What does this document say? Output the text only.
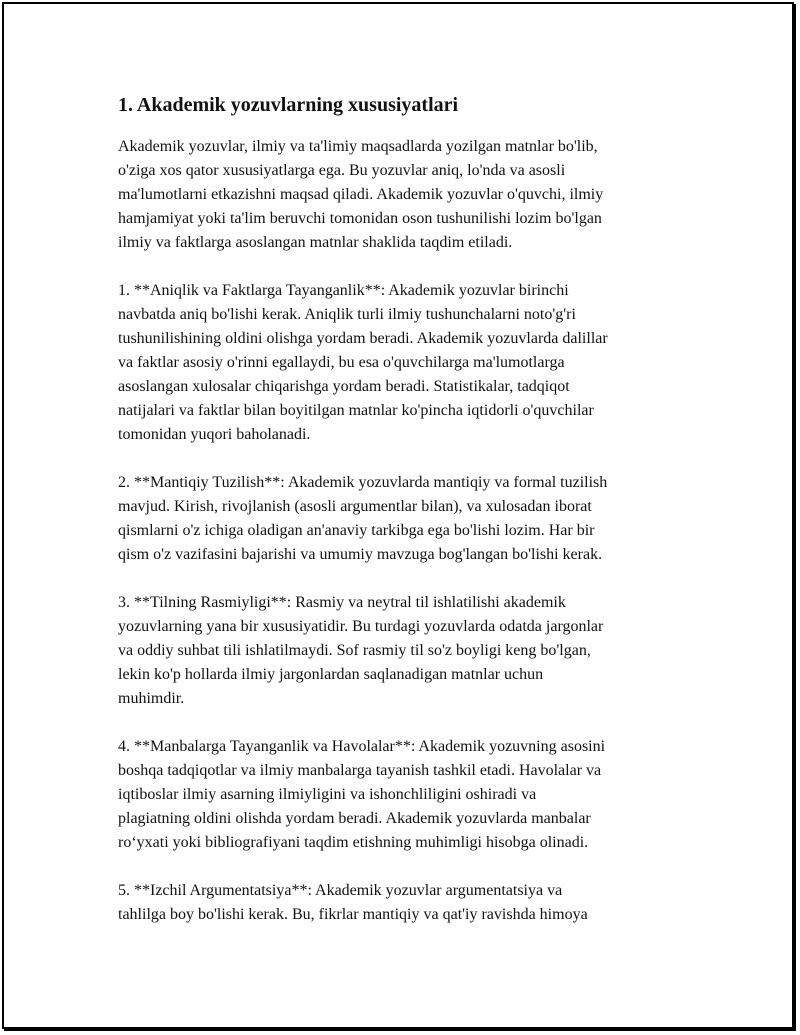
1. Akademik yozuvlarning xususiyatlari
Akademik yozuvlar, ilmiy va ta'limiy maqsadlarda yozilgan matnlar bo'lib,
o'ziga xos qator xususiyatlarga ega. Bu yozuvlar aniq, lo'nda va asosli
ma'lumotlarni etkazishni maqsad qiladi. Akademik yozuvlar o'quvchi, ilmiy
hamjamiyat yoki ta'lim beruvchi tomonidan oson tushunilishi lozim bo'lgan
ilmiy va faktlarga asoslangan matnlar shaklida taqdim etiladi.
1. **Aniqlik va Faktlarga Tayanganlik**: Akademik yozuvlar birinchi
navbatda aniq bo'lishi kerak. Aniqlik turli ilmiy tushunchalarni noto'g'ri
tushunilishining oldini olishga yordam beradi. Akademik yozuvlarda dalillar
va faktlar asosiy o'rinni egallaydi, bu esa o'quvchilarga ma'lumotlarga
asoslangan xulosalar chiqarishga yordam beradi. Statistikalar, tadqiqot
natijalari va faktlar bilan boyitilgan matnlar ko'pincha iqtidorli o'quvchilar
tomonidan yuqori baholanadi.
2. **Mantiqiy Tuzilish**: Akademik yozuvlarda mantiqiy va formal tuzilish
mavjud. Kirish, rivojlanish (asosli argumentlar bilan), va xulosadan iborat
qismlarni o'z ichiga oladigan an'anaviy tarkibga ega bo'lishi lozim. Har bir
qism o'z vazifasini bajarishi va umumiy mavzuga bog'langan bo'lishi kerak.
3. **Tilning Rasmiyligi**: Rasmiy va neytral til ishlatilishi akademik
yozuvlarning yana bir xususiyatidir. Bu turdagi yozuvlarda odatda jargonlar
va oddiy suhbat tili ishlatilmaydi. Sof rasmiy til so'z boyligi keng bo'lgan,
lekin ko'p hollarda ilmiy jargonlardan saqlanadigan matnlar uchun
muhimdir.
4. **Manbalarga Tayanganlik va Havolalar**: Akademik yozuvning asosini
boshqa tadqiqotlar va ilmiy manbalarga tayanish tashkil etadi. Havolalar va
iqtiboslar ilmiy asarning ilmiyligini va ishonchliligini oshiradi va
plagiatning oldini olishda yordam beradi. Akademik yozuvlarda manbalar
ro‘yxati yoki bibliografiyani taqdim etishning muhimligi hisobga olinadi.
5. **Izchil Argumentatsiya**: Akademik yozuvlar argumentatsiya va
tahlilga boy bo'lishi kerak. Bu, fikrlar mantiqiy va qat'iy ravishda himoya
